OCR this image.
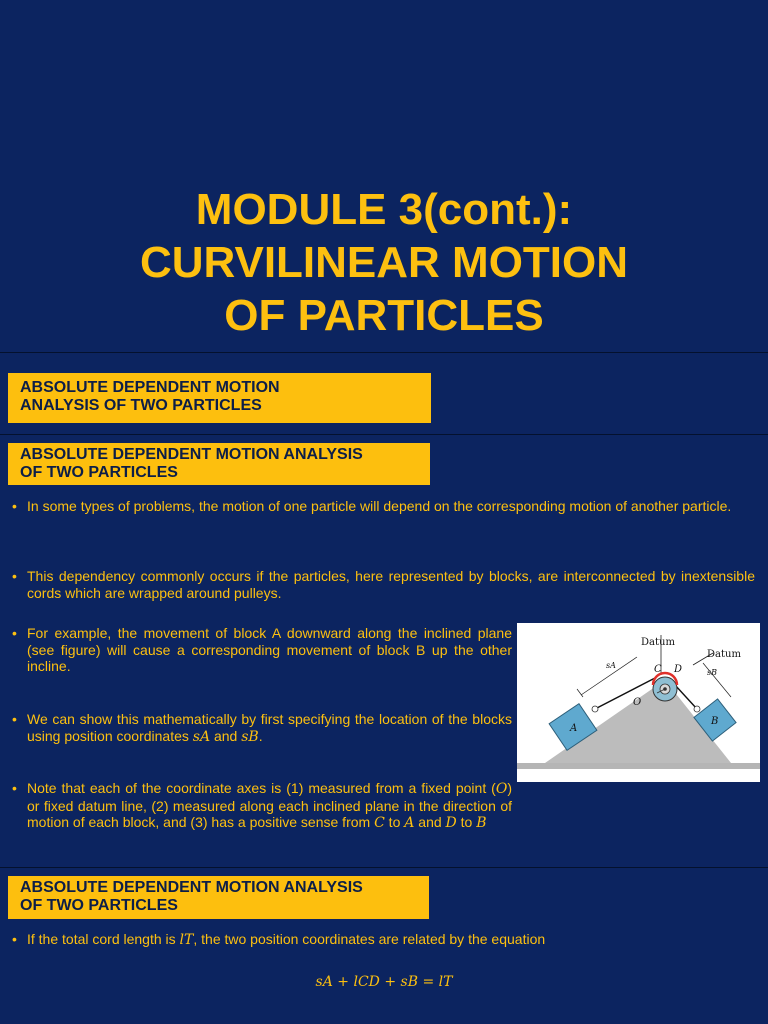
MODULE 3(cont.):
CURVILINEAR MOTION
OF PARTICLES
ABSOLUTE DEPENDENT MOTION
ANALYSIS OF TWO PARTICLES
ABSOLUTE DEPENDENT MOTION ANALYSIS
OF TWO PARTICLES
• In some types of problems, the motion of one particle will depend on the corresponding motion of another particle.
• This dependency commonly occurs if the particles, here represented by blocks, are interconnected by inextensible cords which are wrapped around pulleys.
• For example, the movement of block A downward along the inclined plane (see figure) will cause a corresponding movement of block B up the other incline.
• We can show this mathematically by first specifying the location of the blocks using position coordinates sA and sB.
• Note that each of the coordinate axes is (1) measured from a fixed point (O) or fixed datum line, (2) measured along each inclined plane in the direction of motion of each block, and (3) has a positive sense from C to A and D to B
Datum
Datum
sA
sB
C D
O
A
B
ABSOLUTE DEPENDENT MOTION ANALYSIS
OF TWO PARTICLES
• If the total cord length is lT, the two position coordinates are related by the equation
sA + lCD + sB = lT
